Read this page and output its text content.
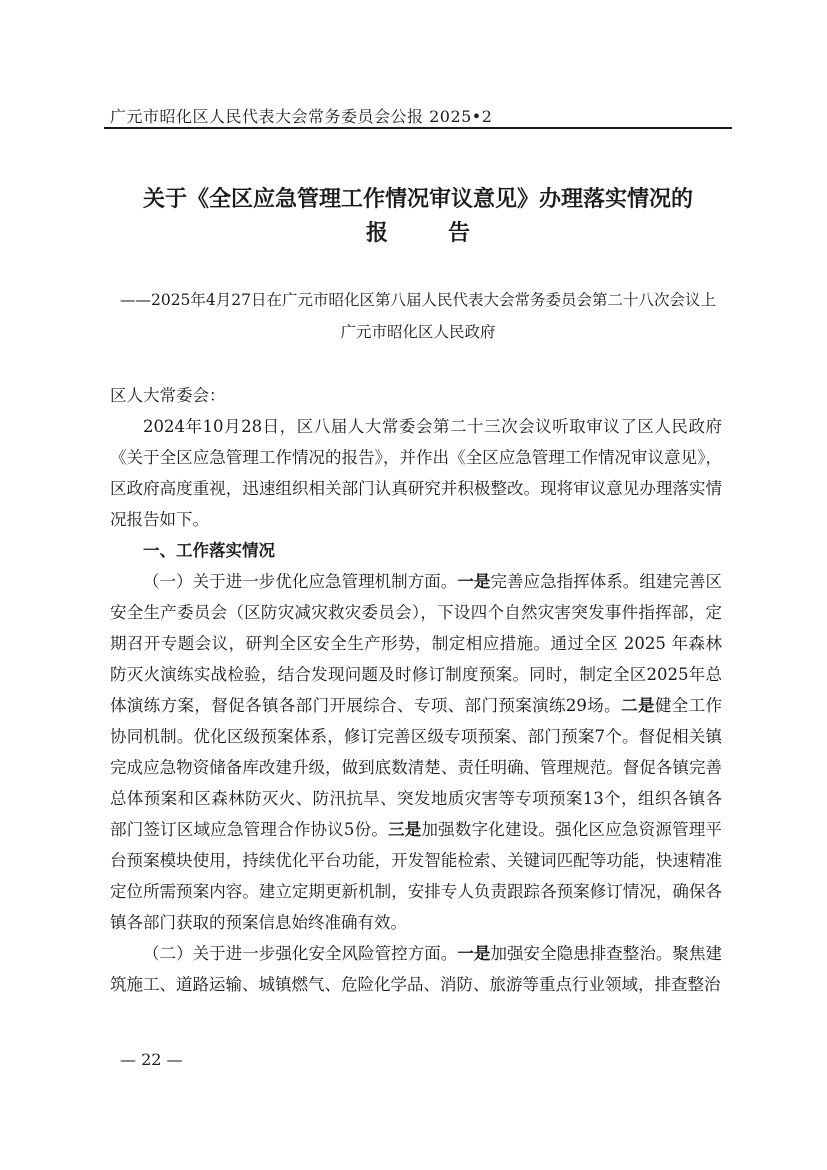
广元市昭化区人民代表大会常务委员会公报 2025•2
关于《全区应急管理工作情况审议意见》办理落实情况的
报	告
——2025年4月27日在广元市昭化区第八届人民代表大会常务委员会第二十八次会议上
广元市昭化区人民政府

区人大常委会：

2024年10月28日，区八届人大常委会第二十三次会议听取审议了区人民政府《关于全区应急管理工作情况的报告》，并作出《全区应急管理工作情况审议意见》，区政府高度重视，迅速组织相关部门认真研究并积极整改。现将审议意见办理落实情况报告如下。

一、工作落实情况

（一）关于进一步优化应急管理机制方面。一是完善应急指挥体系。组建完善区安全生产委员会（区防灾减灾救灾委员会），下设四个自然灾害突发事件指挥部，定期召开专题会议，研判全区安全生产形势，制定相应措施。通过全区 2025 年森林防灭火演练实战检验，结合发现问题及时修订制度预案。同时，制定全区2025年总体演练方案，督促各镇各部门开展综合、专项、部门预案演练29场。二是健全工作协同机制。优化区级预案体系，修订完善区级专项预案、部门预案7个。督促相关镇完成应急物资储备库改建升级，做到底数清楚、责任明确、管理规范。督促各镇完善总体预案和区森林防灭火、防汛抗旱、突发地质灾害等专项预案13个，组织各镇各部门签订区域应急管理合作协议5份。三是加强数字化建设。强化区应急资源管理平台预案模块使用，持续优化平台功能，开发智能检索、关键词匹配等功能，快速精准定位所需预案内容。建立定期更新机制，安排专人负责跟踪各预案修订情况，确保各镇各部门获取的预案信息始终准确有效。

（二）关于进一步强化安全风险管控方面。一是加强安全隐患排查整治。聚焦建筑施工、道路运输、城镇燃气、危险化学品、消防、旅游等重点行业领域，排查整治

— 22 —
